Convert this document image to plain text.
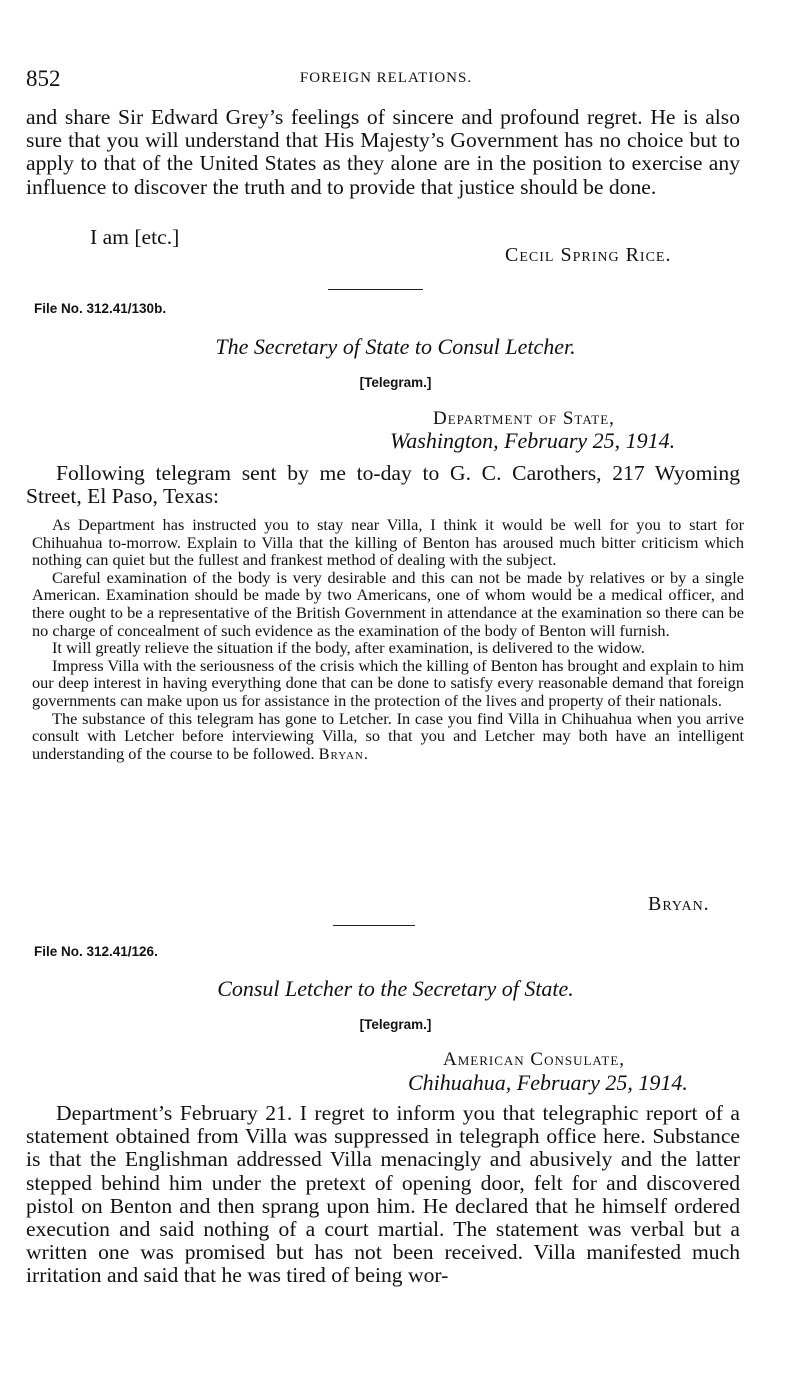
852	FOREIGN RELATIONS.

and share Sir Edward Grey’s feelings of sincere and profound regret. He is also sure that you will understand that His Majesty’s Government has no choice but to apply to that of the United States as they alone are in the position to exercise any influence to discover the truth and to provide that justice should be done.

I am [etc.]
Cecil Spring Rice.
File No. 312.41/130b.
The Secretary of State to Consul Letcher.
[Telegram.]
Department of State,
Washington, February 25, 1914.

Following telegram sent by me to-day to G. C. Carothers, 217 Wyoming Street, El Paso, Texas:

As Department has instructed you to stay near Villa, I think it would be well for you to start for Chihuahua to-morrow. Explain to Villa that the killing of Benton has aroused much bitter criticism which nothing can quiet but the fullest and frankest method of dealing with the subject.

Careful examination of the body is very desirable and this can not be made by relatives or by a single American. Examination should be made by two Americans, one of whom would be a medical officer, and there ought to be a representative of the British Government in attendance at the examination so there can be no charge of concealment of such evidence as the examination of the body of Benton will furnish.

It will greatly relieve the situation if the body, after examination, is delivered to the widow.

Impress Villa with the seriousness of the crisis which the killing of Benton has brought and explain to him our deep interest in having everything done that can be done to satisfy every reasonable demand that foreign governments can make upon us for assistance in the protection of the lives and property of their nationals.

The substance of this telegram has gone to Letcher. In case you find Villa in Chihuahua when you arrive consult with Letcher before interviewing Villa, so that you and Letcher may both have an intelligent understanding of the course to be followed. Bryan.

Bryan.
File No. 312.41/126.
Consul Letcher to the Secretary of State.
[Telegram.]
American Consulate,
Chihuahua, February 25, 1914.

Department’s February 21. I regret to inform you that telegraphic report of a statement obtained from Villa was suppressed in telegraph office here. Substance is that the Englishman addressed Villa menacingly and abusively and the latter stepped behind him under the pretext of opening door, felt for and discovered pistol on Benton and then sprang upon him. He declared that he himself ordered execution and said nothing of a court martial. The statement was verbal but a written one was promised but has not been received. Villa manifested much irritation and said that he was tired of being wor-
